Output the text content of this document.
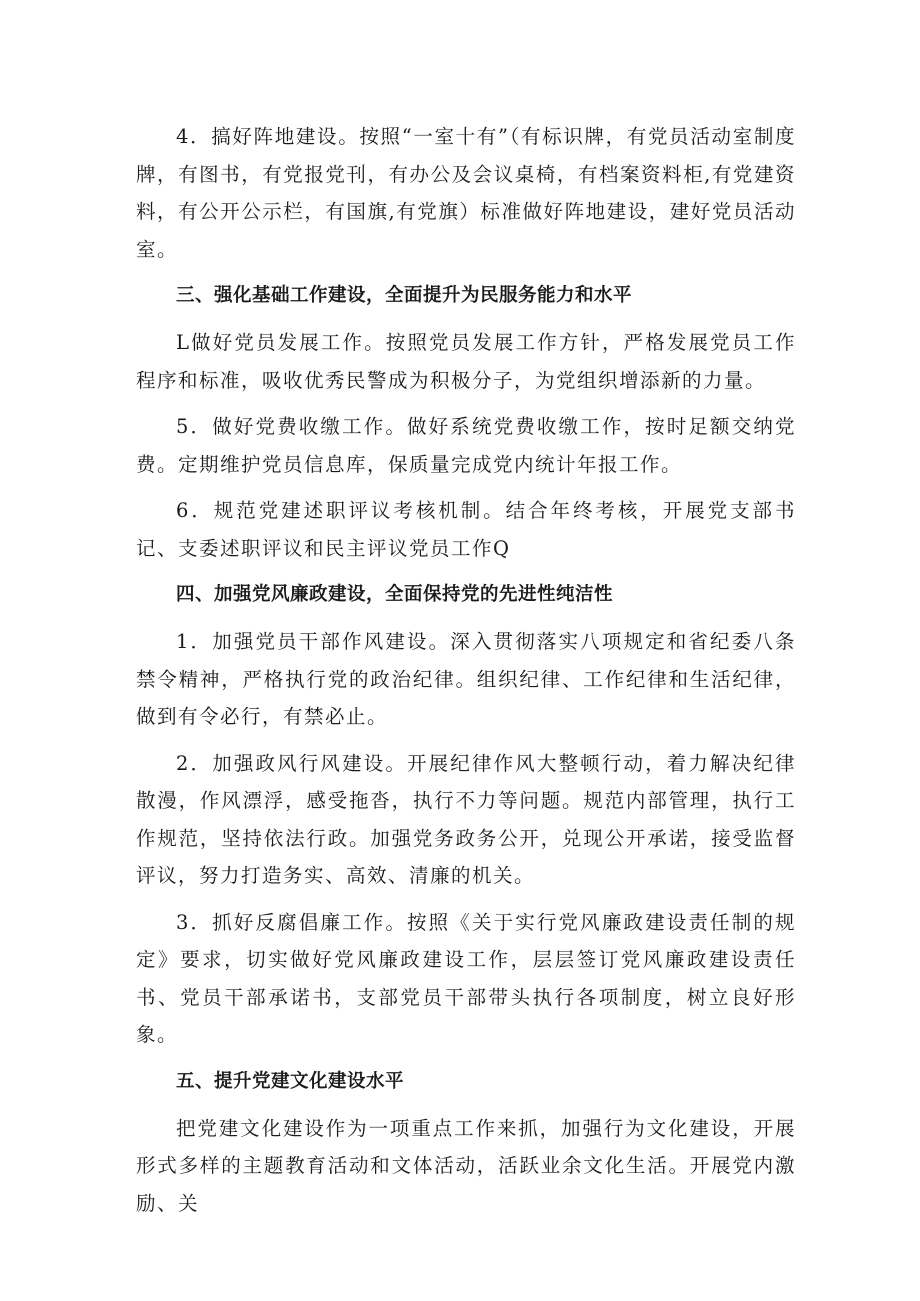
4．搞好阵地建设。按照“一室十有”（有标识牌，有党员活动室制度牌，有图书，有党报党刊，有办公及会议桌椅，有档案资料柜,有党建资料，有公开公示栏，有国旗,有党旗）标准做好阵地建设，建好党员活动室。

三、强化基础工作建设，全面提升为民服务能力和水平

L做好党员发展工作。按照党员发展工作方针，严格发展党员工作程序和标准，吸收优秀民警成为积极分子，为党组织增添新的力量。

5．做好党费收缴工作。做好系统党费收缴工作，按时足额交纳党费。定期维护党员信息库，保质量完成党内统计年报工作。

6．规范党建述职评议考核机制。结合年终考核，开展党支部书记、支委述职评议和民主评议党员工作Q

四、加强党风廉政建设，全面保持党的先进性纯洁性

1．加强党员干部作风建设。深入贯彻落实八项规定和省纪委八条禁令精神，严格执行党的政治纪律。组织纪律、工作纪律和生活纪律，做到有令必行，有禁必止。

2．加强政风行风建设。开展纪律作风大整顿行动，着力解决纪律散漫，作风漂浮，感受拖沓，执行不力等问题。规范内部管理，执行工作规范，坚持依法行政。加强党务政务公开，兑现公开承诺，接受监督评议，努力打造务实、高效、清廉的机关。

3．抓好反腐倡廉工作。按照《关于实行党风廉政建设责任制的规定》要求，切实做好党风廉政建设工作，层层签订党风廉政建设责任书、党员干部承诺书，支部党员干部带头执行各项制度，树立良好形象。

五、提升党建文化建设水平

把党建文化建设作为一项重点工作来抓，加强行为文化建设，开展形式多样的主题教育活动和文体活动，活跃业余文化生活。开展党内激励、关
